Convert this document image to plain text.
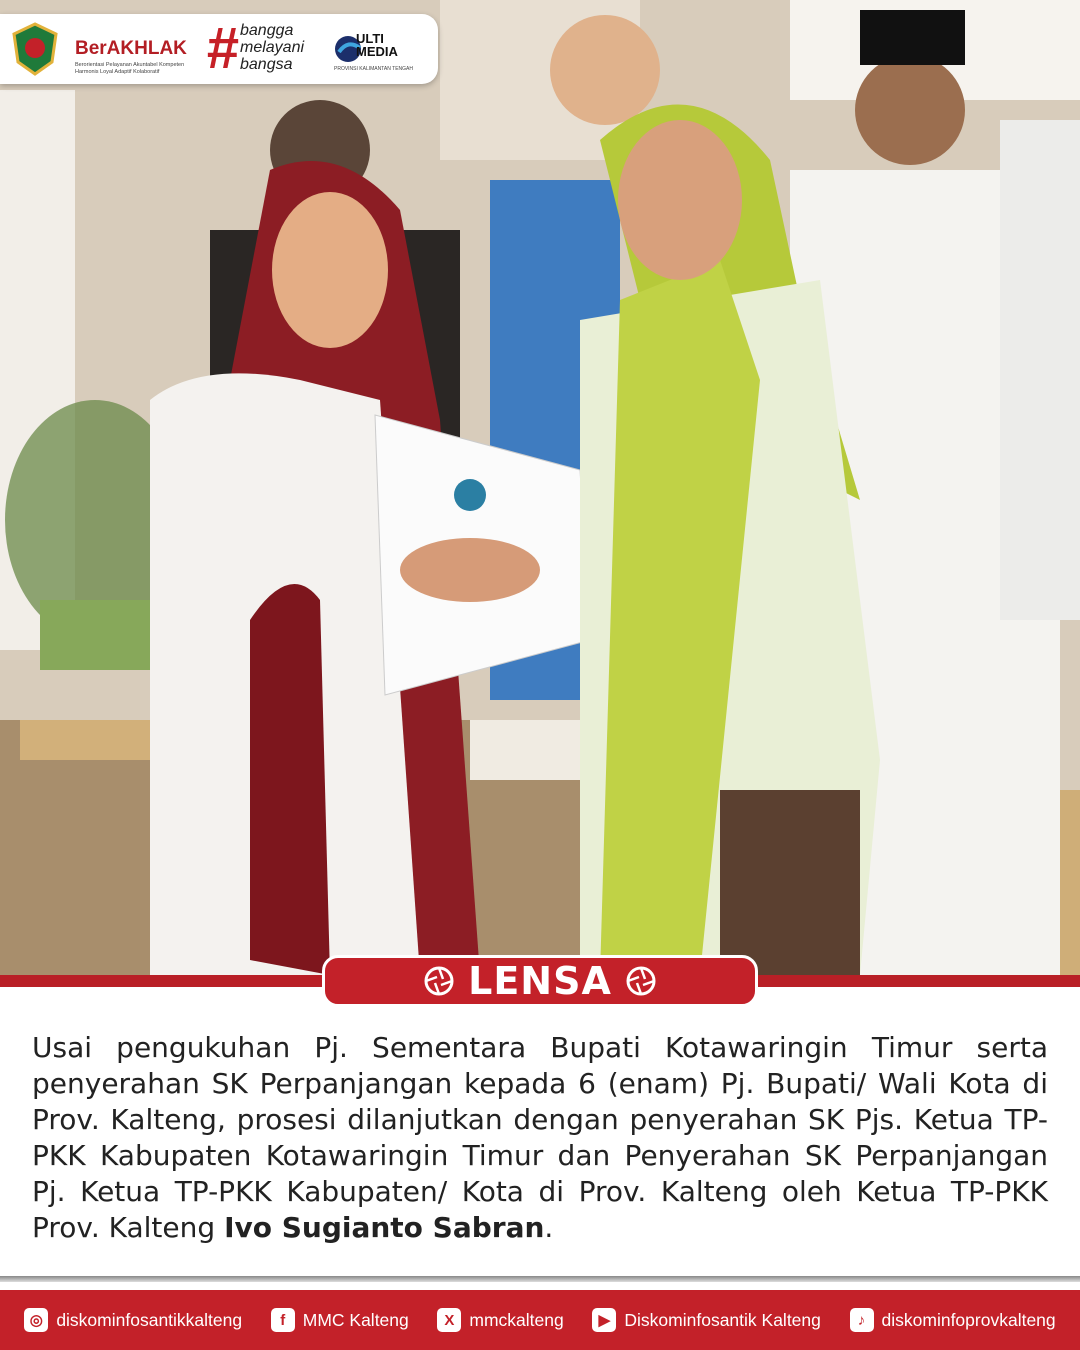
BerAKHLAK
Berorientasi Pelayanan Akuntabel Kompeten Harmonis Loyal Adaptif Kolaboratif # bangga
melayani
bangsa
ULTI
MEDIA
PROVINSI KALIMANTAN TENGAH
LENSA
Usai pengukuhan Pj. Sementara Bupati Kotawaringin Timur serta penyerahan SK Perpanjangan kepada 6 (enam) Pj. Bupati/ Wali Kota di Prov. Kalteng, prosesi dilanjutkan dengan penyerahan SK Pjs. Ketua TP-PKK Kabupaten Kotawaringin Timur dan Penyerahan SK Perpanjangan Pj. Ketua TP-PKK Kabupaten/ Kota di Prov. Kalteng oleh Ketua TP-PKK Prov. Kalteng Ivo Sugianto Sabran.
◎ diskominfosantikkalteng	f	MMC Kalteng	X mmckalteng	▶ Diskominfosantik Kalteng	♪ diskominfoprovkalteng
